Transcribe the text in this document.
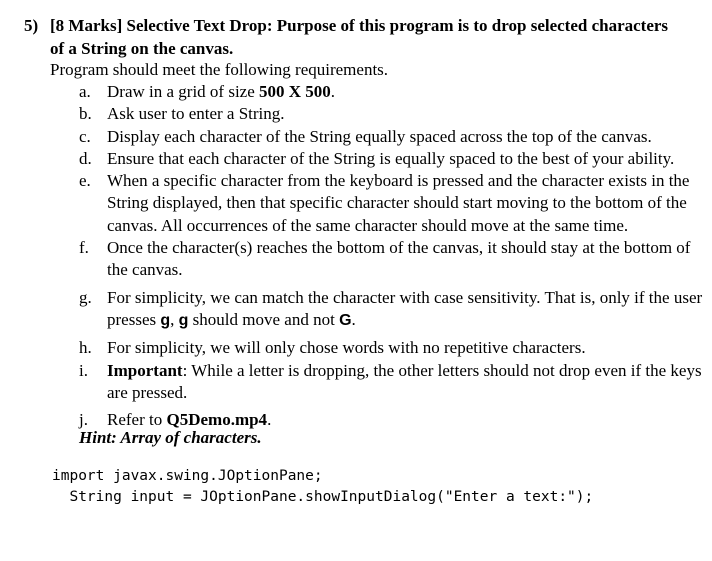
5) [8 Marks] Selective Text Drop: Purpose of this program is to drop selected characters
of a String on the canvas.
Program should meet the following requirements.
a. Draw in a grid of size 500 X 500.
b. Ask user to enter a String.
c. Display each character of the String equally spaced across the top of the canvas.
d. Ensure that each character of the String is equally spaced to the best of your ability.
e. When a specific character from the keyboard is pressed and the character exists in the String displayed, then that specific character should start moving to the bottom of the canvas. All occurrences of the same character should move at the same time.
f.	Once the character(s) reaches the bottom of the canvas, it should stay at the bottom of the canvas.
g. For simplicity, we can match the character with case sensitivity. That is, only if the user presses g, g should move and not G.
h. For simplicity, we will only chose words with no repetitive characters.
i.	Important: While a letter is dropping, the other letters should not drop even if the keys are pressed.
j.	Refer to Q5Demo.mp4.
Hint: Array of characters.
import javax.swing.JOptionPane;
String input = JOptionPane.showInputDialog("Enter a text:");
